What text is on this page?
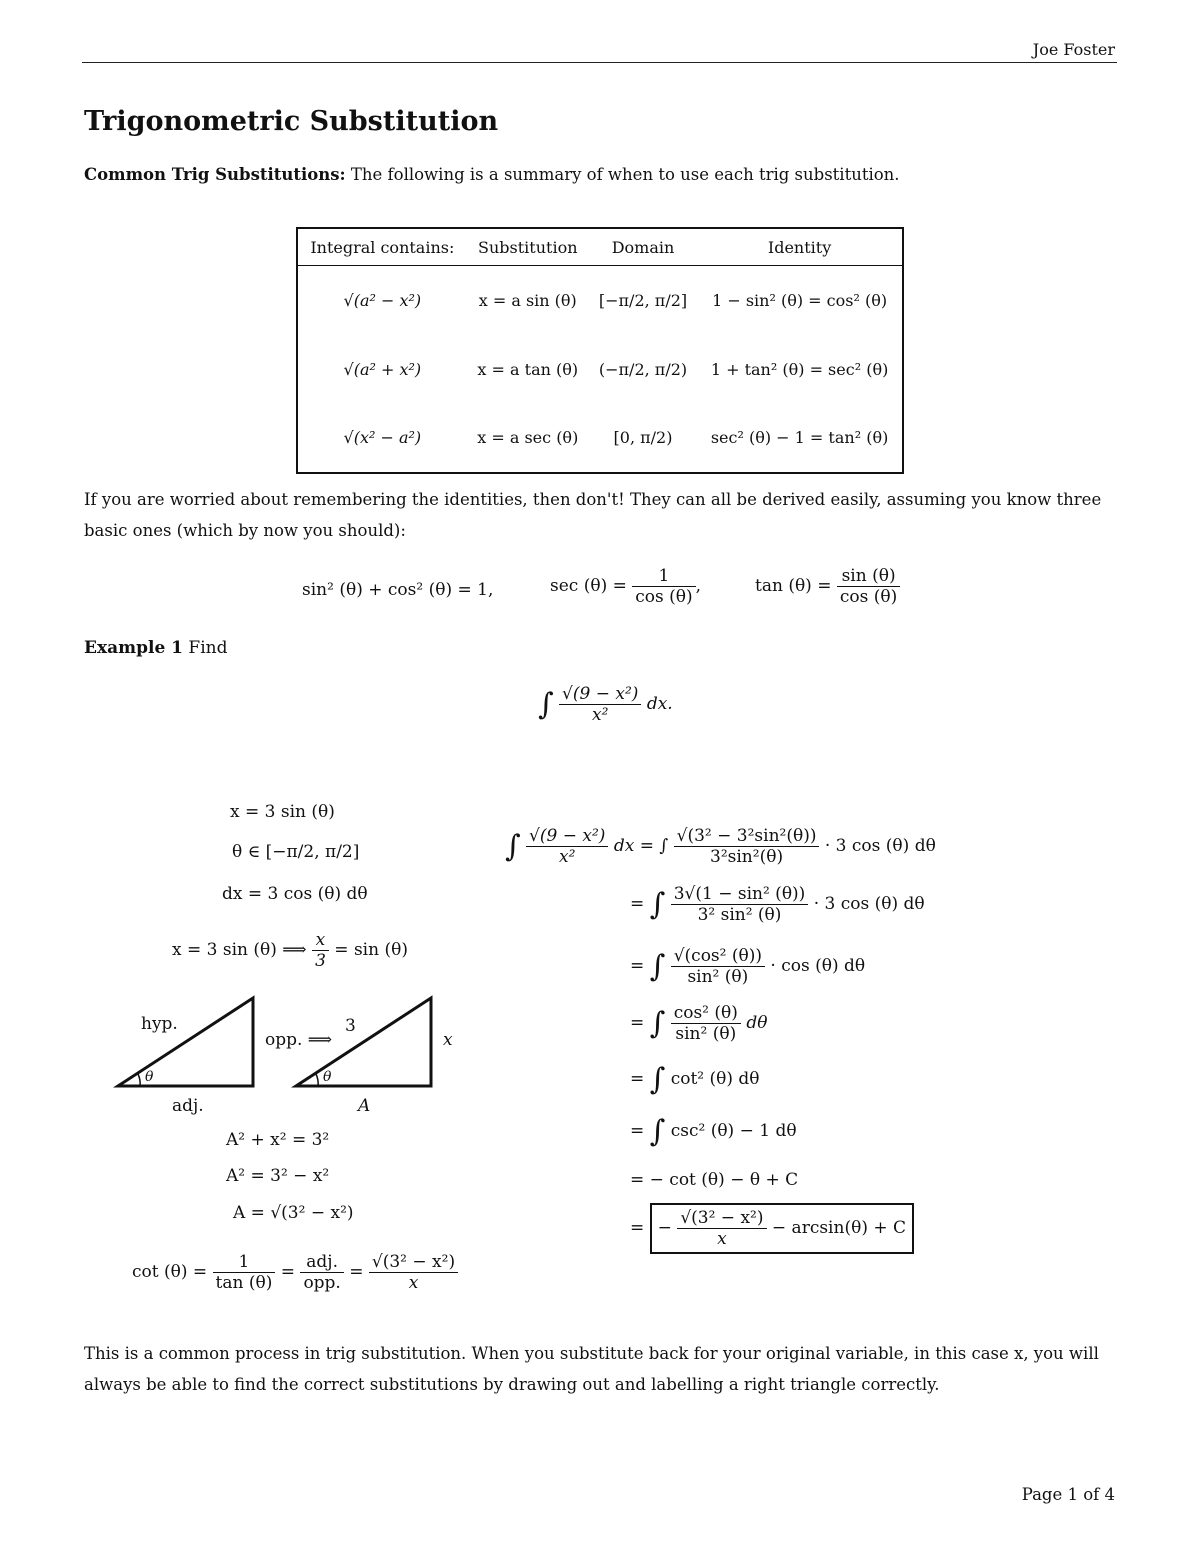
Joe Foster
Trigonometric Substitution
Common Trig Substitutions: The following is a summary of when to use each trig substitution.
Integral contains:	Substitution	Domain	Identity
√(a² − x²)	x = a sin (θ)	[−π/2, π/2]	1 − sin² (θ) = cos² (θ)
√(a² + x²)	x = a tan (θ)	(−π/2, π/2)	1 + tan² (θ) = sec² (θ)
√(x² − a²)	x = a sec (θ)	[0, π/2)	sec² (θ) − 1 = tan² (θ)
If you are worried about remembering the identities, then don't! They can all be derived easily, assuming you know three basic ones (which by now you should):
sin² (θ) + cos² (θ) = 1,	$\sec (\theta) = \frac{1}{\cos (\theta)}$ ,	$\tan (\theta) = \frac{\sin (\theta)}{\cos (\theta)}$
Example 1 Find
∫ $\frac{\text{√(9 − x²)}}{\text{x²}}$ dx.
x = 3 sin (θ)
θ ∈ [−π/2, π/2]
dx = 3 cos (θ) dθ
x = 3 sin (θ) ⟹ $\frac{x}{3} = \sin (\theta)$
hyp.
θ
adj.
opp. ⟹
3
x
θ
A
A² + x² = 3²
A² = 3² − x²
A = √(3² − x²)
$\cot (\theta) = \frac{1}{\tan (\theta)} = \frac{\text{adj.}}{\text{opp.}} = \frac{\text{√(3² − x²)}}{x}$
∫ $\frac{\text{√(9 − x²)}}{\text{x²}}$ dx = ∫ $\frac{\text{√(3² − 3²sin²(θ))}}{\text{3²sin²(θ)}} \cdot 3$ cos (θ) dθ
= ∫ $\frac{\text{3√(1 − sin² (θ))}}{\text{3² sin² (θ)}} \cdot 3$ cos (θ) dθ
= ∫ $\frac{\text{√(cos² (θ))}}{\text{sin² (θ)}} \cdot \cos (\theta)$ dθ
= ∫ $\frac{\text{cos² (θ)}}{\text{sin² (θ)}}$ dθ
= ∫ cot² (θ) dθ
= ∫ csc² (θ) − 1 dθ
= − cot (θ) − θ + C
= − $\frac{\text{√(3² − x²)}}{x} - \arcsin(\theta) + C$
This is a common process in trig substitution. When you substitute back for your original variable, in this case x, you will always be able to find the correct substitutions by drawing out and labelling a right triangle correctly.
Page 1 of 4
